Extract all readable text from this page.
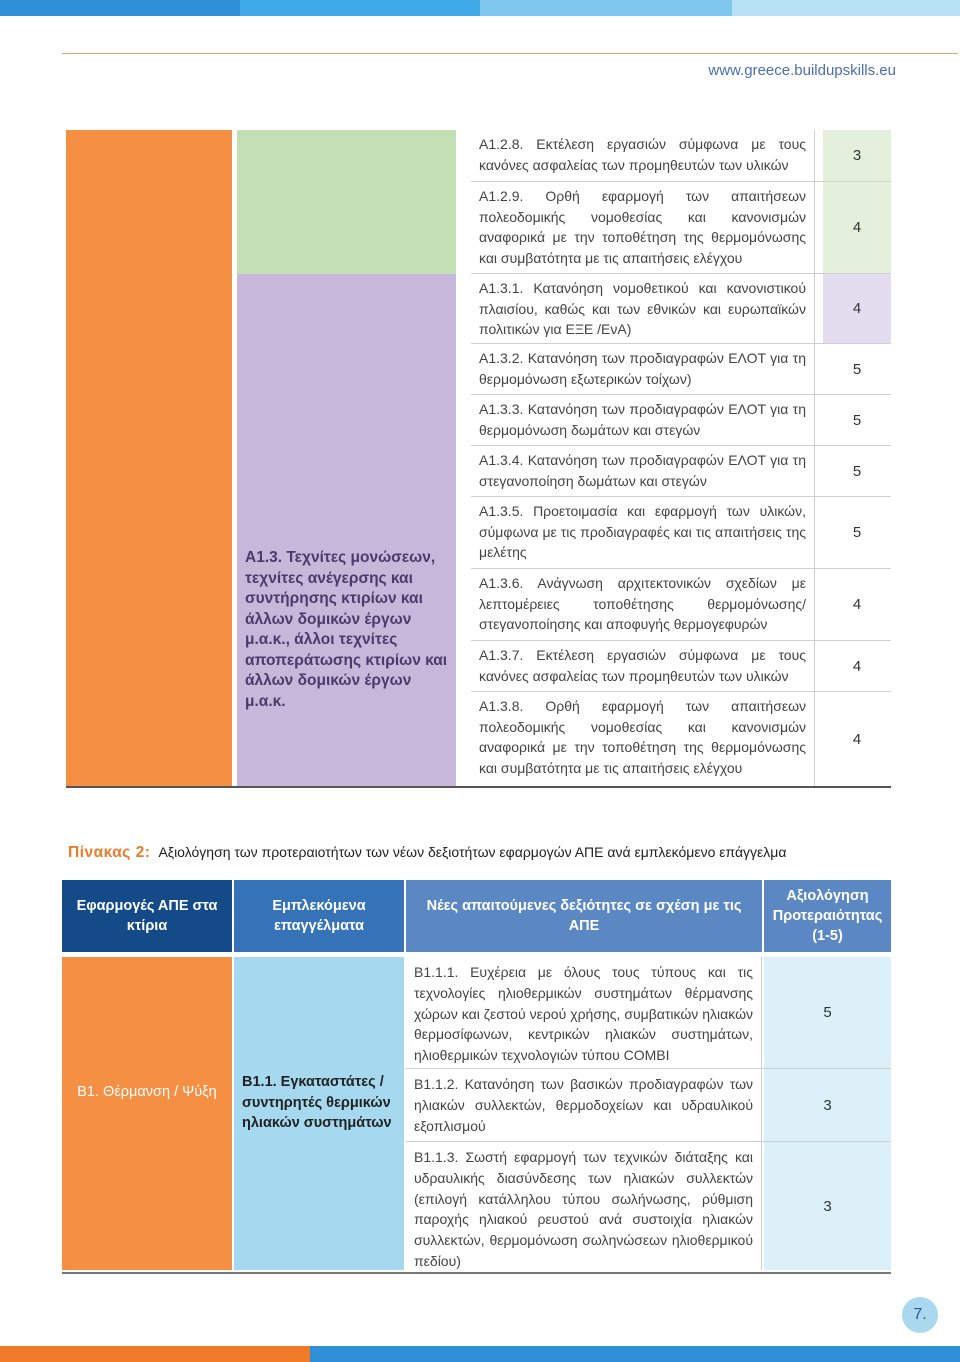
www.greece.buildupskills.eu
Α1.3. Τεχνίτες μονώσεων, τεχνίτες ανέγερσης και συντήρησης κτιρίων και άλλων δομικών έργων μ.α.κ., άλλοι τεχνίτες αποπεράτωσης κτιρίων και άλλων δομικών έργων μ.α.κ.
Α1.2.8. Εκτέλεση εργασιών σύμφωνα με τους κανόνες ασφαλείας των προμηθευτών των υλικών
3
Α1.2.9. Ορθή εφαρμογή των απαιτήσεων πολεοδομικής νομοθεσίας και κανονισμών αναφορικά με την τοποθέτηση της θερμομόνωσης και συμβατότητα με τις απαιτήσεις ελέγχου
4
Α1.3.1. Κατανόηση νομοθετικού και κανονιστικού πλαισίου, καθώς και των εθνικών και ευρωπαϊκών πολιτικών για ΕΞΕ /ΕνΑ)
4
Α1.3.2. Κατανόηση των προδιαγραφών ΕΛΟΤ για τη θερμομόνωση εξωτερικών τοίχων)
5
Α1.3.3. Κατανόηση των προδιαγραφών ΕΛΟΤ για τη θερμομόνωση δωμάτων και στεγών
5
Α1.3.4. Κατανόηση των προδιαγραφών ΕΛΟΤ για τη στεγανοποίηση δωμάτων και στεγών
5
Α1.3.5. Προετοιμασία και εφαρμογή των υλικών, σύμφωνα με τις προδιαγραφές και τις απαιτήσεις της μελέτης
5
Α1.3.6. Ανάγνωση αρχιτεκτονικών σχεδίων με λεπτομέρειες τοποθέτησης θερμομόνωσης/ στεγανοποίησης και αποφυγής θερμογεφυρών
4
Α1.3.7. Εκτέλεση εργασιών σύμφωνα με τους κανόνες ασφαλείας των προμηθευτών των υλικών
4
Α1.3.8. Ορθή εφαρμογή των απαιτήσεων πολεοδομικής νομοθεσίας και κανονισμών αναφορικά με την τοποθέτηση της θερμομόνωσης και συμβατότητα με τις απαιτήσεις ελέγχου
4
Πίνακας 2: Αξιολόγηση των προτεραιοτήτων των νέων δεξιοτήτων εφαρμογών ΑΠΕ ανά εμπλεκόμενο επάγγελμα
Εφαρμογές ΑΠΕ στα κτίρια
Εμπλεκόμενα επαγγέλματα
Νέες απαιτούμενες δεξιότητες σε σχέση με τις ΑΠΕ
Αξιολόγηση Προτεραιότητας (1-5)
Β1. Θέρμανση / Ψύξη
Β1.1. Εγκαταστάτες / συντηρητές θερμικών ηλιακών συστημάτων
Β1.1.1. Ευχέρεια με όλους τους τύπους και τις τεχνολογίες ηλιοθερμικών συστημάτων θέρμανσης χώρων και ζεστού νερού χρήσης, συμβατικών ηλιακών θερμοσίφωνων, κεντρικών ηλιακών συστημάτων, ηλιοθερμικών τεχνολογιών τύπου COMBI
5
Β1.1.2. Κατανόηση των βασικών προδιαγραφών των ηλιακών συλλεκτών, θερμοδοχείων και υδραυλικού εξοπλισμού
3
Β1.1.3. Σωστή εφαρμογή των τεχνικών διάταξης και υδραυλικής διασύνδεσης των ηλιακών συλλεκτών (επιλογή κατάλληλου τύπου σωλήνωσης, ρύθμιση παροχής ηλιακού ρευστού ανά συστοιχία ηλιακών συλλεκτών, θερμομόνωση σωληνώσεων ηλιοθερμικού πεδίου)
3
7.
